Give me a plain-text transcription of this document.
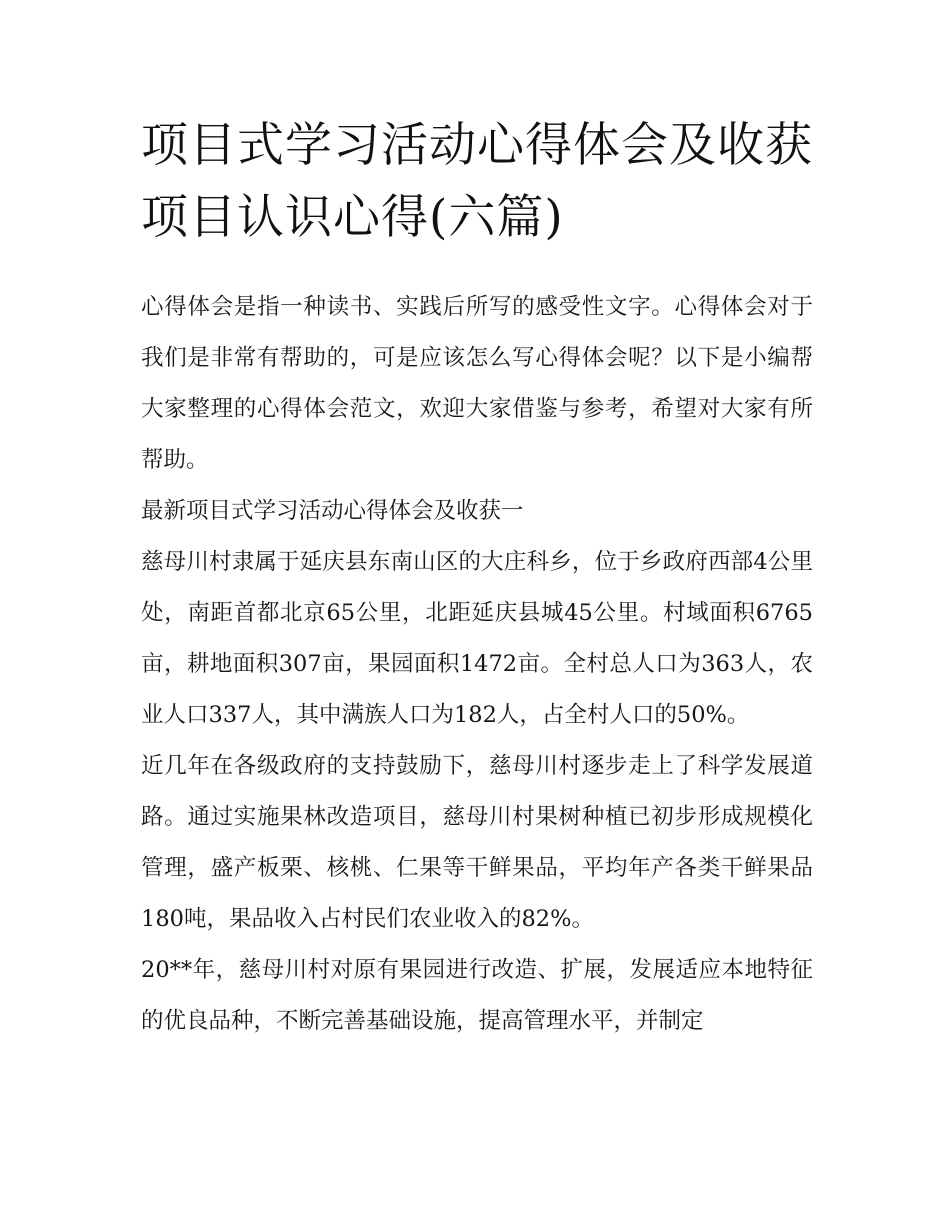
项目式学习活动心得体会及收获 项目认识心得(六篇)

心得体会是指一种读书、实践后所写的感受性文字。心得体会对于我们是非常有帮助的，可是应该怎么写心得体会呢？以下是小编帮大家整理的心得体会范文，欢迎大家借鉴与参考，希望对大家有所帮助。

最新项目式学习活动心得体会及收获一

慈母川村隶属于延庆县东南山区的大庄科乡，位于乡政府西部4公里处，南距首都北京65公里，北距延庆县城45公里。村域面积6765亩，耕地面积307亩，果园面积1472亩。全村总人口为363人，农业人口337人，其中满族人口为182人，占全村人口的50%。

近几年在各级政府的支持鼓励下，慈母川村逐步走上了科学发展道路。通过实施果林改造项目，慈母川村果树种植已初步形成规模化管理，盛产板栗、核桃、仁果等干鲜果品，平均年产各类干鲜果品180吨，果品收入占村民们农业收入的82%。

20**年，慈母川村对原有果园进行改造、扩展，发展适应本地特征的优良品种，不断完善基础设施，提高管理水平，并制定
